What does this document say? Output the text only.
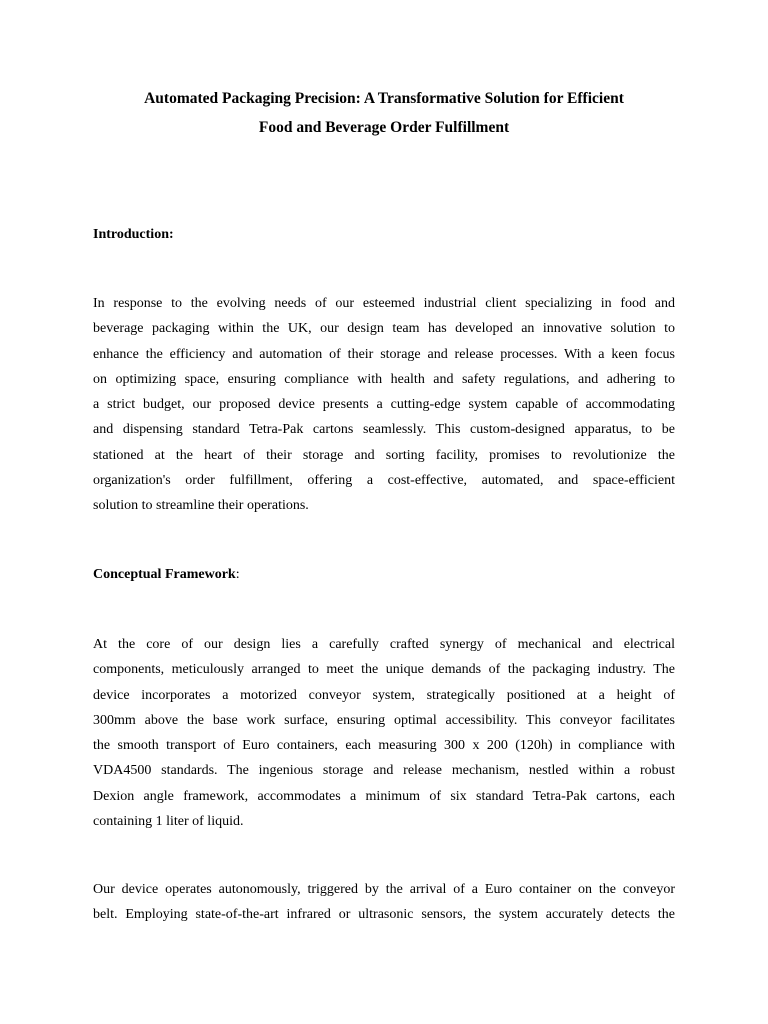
Automated Packaging Precision: A Transformative Solution for Efficient
Food and Beverage Order Fulfillment

Introduction:

In response to the evolving needs of our esteemed industrial client specializing in food and
beverage packaging within the UK, our design team has developed an innovative solution to
enhance the efficiency and automation of their storage and release processes. With a keen focus
on optimizing space, ensuring compliance with health and safety regulations, and adhering to
a strict budget, our proposed device presents a cutting-edge system capable of accommodating
and dispensing standard Tetra-Pak cartons seamlessly. This custom-designed apparatus, to be
stationed at the heart of their storage and sorting facility, promises to revolutionize the
organization's order fulfillment, offering a cost-effective, automated, and space-efficient
solution to streamline their operations.

Conceptual Framework:

At the core of our design lies a carefully crafted synergy of mechanical and electrical
components, meticulously arranged to meet the unique demands of the packaging industry. The
device incorporates a motorized conveyor system, strategically positioned at a height of
300mm above the base work surface, ensuring optimal accessibility. This conveyor facilitates
the smooth transport of Euro containers, each measuring 300 x 200 (120h) in compliance with
VDA4500 standards. The ingenious storage and release mechanism, nestled within a robust
Dexion angle framework, accommodates a minimum of six standard Tetra-Pak cartons, each
containing 1 liter of liquid.
Our device operates autonomously, triggered by the arrival of a Euro container on the conveyor
belt. Employing state-of-the-art infrared or ultrasonic sensors, the system accurately detects the
